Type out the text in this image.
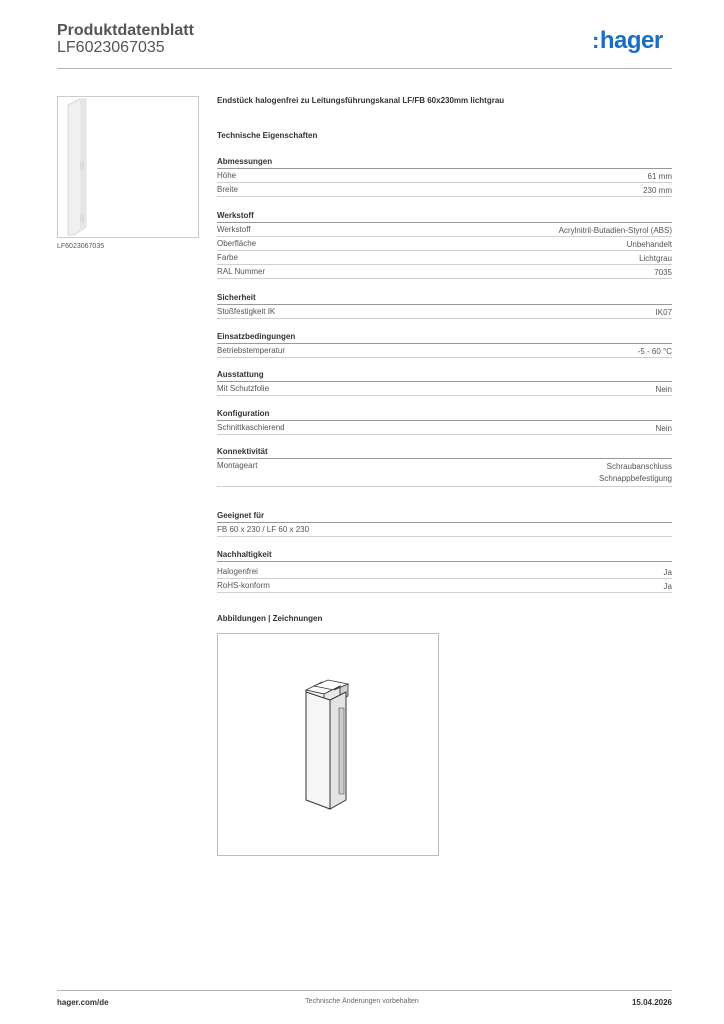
Produktdatenblatt
LF6023067035	:hager
LF6023067035
Endstück halogenfrei zu Leitungsführungskanal LF/FB 60x230mm lichtgrau
Technische Eigenschaften
Abmessungen
Höhe	61 mm
Breite	230 mm
Werkstoff
Werkstoff	Acrylnitril-Butadien-Styrol (ABS)
Oberfläche	Unbehandelt
Farbe	Lichtgrau
RAL Nummer	7035
Sicherheit
Stoßfestigkeit IK	IK07
Einsatzbedingungen
Betriebstemperatur	-5 - 60 °C
Ausstattung
Mit Schutzfolie	Nein
Konfiguration
Schnittkaschierend	Nein
Konnektivität
Montageart	Schraubanschluss
Schnappbefestigung
Geeignet für
FB 60 x 230 / LF 60 x 230
Nachhaltigkeit
Halogenfrei	Ja
RoHS-konform	Ja
Abbildungen | Zeichnungen
hager.com/de	Technische Änderungen vorbehalten	15.04.2026
